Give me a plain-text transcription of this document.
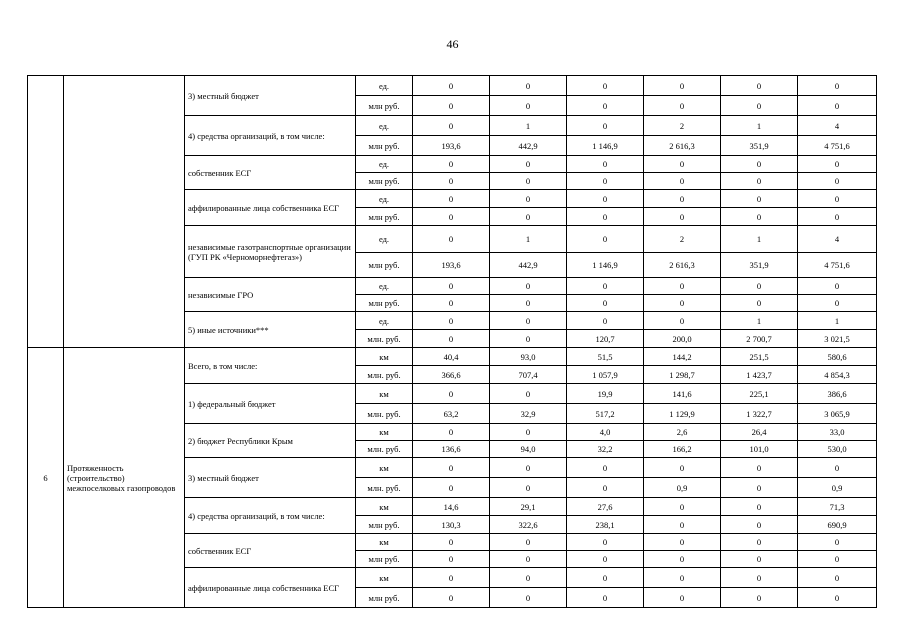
46
		3) местный бюджет	ед.	0	0	0	0	0	0
			млн руб.	0	0	0	0	0	0
		4) средства организаций, в том числе:	ед.	0	1	0	2	1	4
			млн руб.	193,6	442,9	1 146,9	2 616,3	351,9	4 751,6
		собственник ЕСГ	ед.	0	0	0	0	0	0
			млн руб.	0	0	0	0	0	0
		аффилированные лица собственника ЕСГ	ед.	0	0	0	0	0	0
			млн руб.	0	0	0	0	0	0
		независимые газотранспортные организации (ГУП РК «Черноморнефтегаз»)	ед.	0	1	0	2	1	4
			млн руб.	193,6	442,9	1 146,9	2 616,3	351,9	4 751,6
		независимые ГРО	ед.	0	0	0	0	0	0
			млн руб.	0	0	0	0	0	0
		5) иные источники***	ед.	0	0	0	0	1	1
			млн. руб.	0	0	120,7	200,0	2 700,7	3 021,5
6	Протяженность (строительство) межпоселковых газопроводов	Всего, в том числе:	км	40,4	93,0	51,5	144,2	251,5	580,6
			млн. руб.	366,6	707,4	1 057,9	1 298,7	1 423,7	4 854,3
		1) федеральный бюджет	км	0	0	19,9	141,6	225,1	386,6
			млн. руб.	63,2	32,9	517,2	1 129,9	1 322,7	3 065,9
		2) бюджет Республики Крым	км	0	0	4,0	2,6	26,4	33,0
			млн. руб.	136,6	94,0	32,2	166,2	101,0	530,0
		3) местный бюджет	км	0	0	0	0	0	0
			млн. руб.	0	0	0	0,9	0	0,9
		4) средства организаций, в том числе:	км	14,6	29,1	27,6	0	0	71,3
			млн руб.	130,3	322,6	238,1	0	0	690,9
		собственник ЕСГ	км	0	0	0	0	0	0
			млн руб.	0	0	0	0	0	0
		аффилированные лица собственника ЕСГ	км	0	0	0	0	0	0
			млн руб.	0	0	0	0	0	0
